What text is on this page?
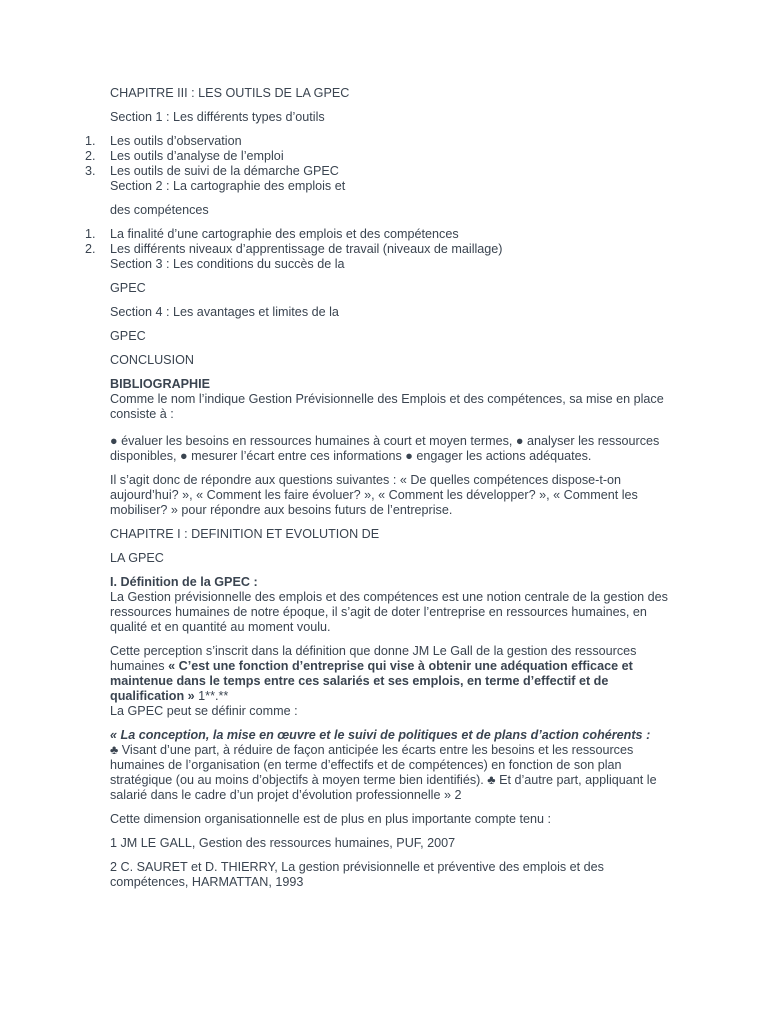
CHAPITRE III : LES OUTILS DE LA GPEC

Section 1 : Les différents types d’outils

1.	Les outils d’observation
2.	Les outils d’analyse de l’emploi
3.	Les outils de suivi de la démarche GPEC

Section 2 : La cartographie des emplois et

des compétences

1.	La finalité d’une cartographie des emplois et des compétences
2.	Les différents niveaux d’apprentissage de travail (niveaux de maillage)

Section 3 : Les conditions du succès de la

GPEC

Section 4 : Les avantages et limites de la

GPEC

CONCLUSION

BIBLIOGRAPHIE

Comme le nom l’indique Gestion Prévisionnelle des Emplois et des compétences, sa mise en place consiste à :

● évaluer les besoins en ressources humaines à court et moyen termes, ● analyser les ressources disponibles, ● mesurer l’écart entre ces informations ● engager les actions adéquates.

Il s’agit donc de répondre aux questions suivantes : « De quelles compétences dispose-t-on aujourd’hui? », « Comment les faire évoluer? », « Comment les développer? », « Comment les mobiliser? » pour répondre aux besoins futurs de l’entreprise.

CHAPITRE I : DEFINITION ET EVOLUTION DE

LA GPEC

I. Définition de la GPEC :

La Gestion prévisionnelle des emplois et des compétences est une notion centrale de la gestion des ressources humaines de notre époque, il s’agit de doter l’entreprise en ressources humaines, en qualité et en quantité au moment voulu.

Cette perception s’inscrit dans la définition que donne JM Le Gall de la gestion des ressources humaines « C’est une fonction d’entreprise qui vise à obtenir une adéquation efficace et maintenue dans le temps entre ces salariés et ses emplois, en terme d’effectif et de qualification » 1**.**

La GPEC peut se définir comme :

« La conception, la mise en œuvre et le suivi de politiques et de plans d’action cohérents :

♣ Visant d’une part, à réduire de façon anticipée les écarts entre les besoins et les ressources humaines de l’organisation (en terme d’effectifs et de compétences) en fonction de son plan stratégique (ou au moins d’objectifs à moyen terme bien identifiés). ♣ Et d’autre part, appliquant le salarié dans le cadre d’un projet d’évolution professionnelle » 2

Cette dimension organisationnelle est de plus en plus importante compte tenu :

1 JM LE GALL, Gestion des ressources humaines, PUF, 2007

2 C. SAURET et D. THIERRY, La gestion prévisionnelle et préventive des emplois et des compétences, HARMATTAN, 1993
